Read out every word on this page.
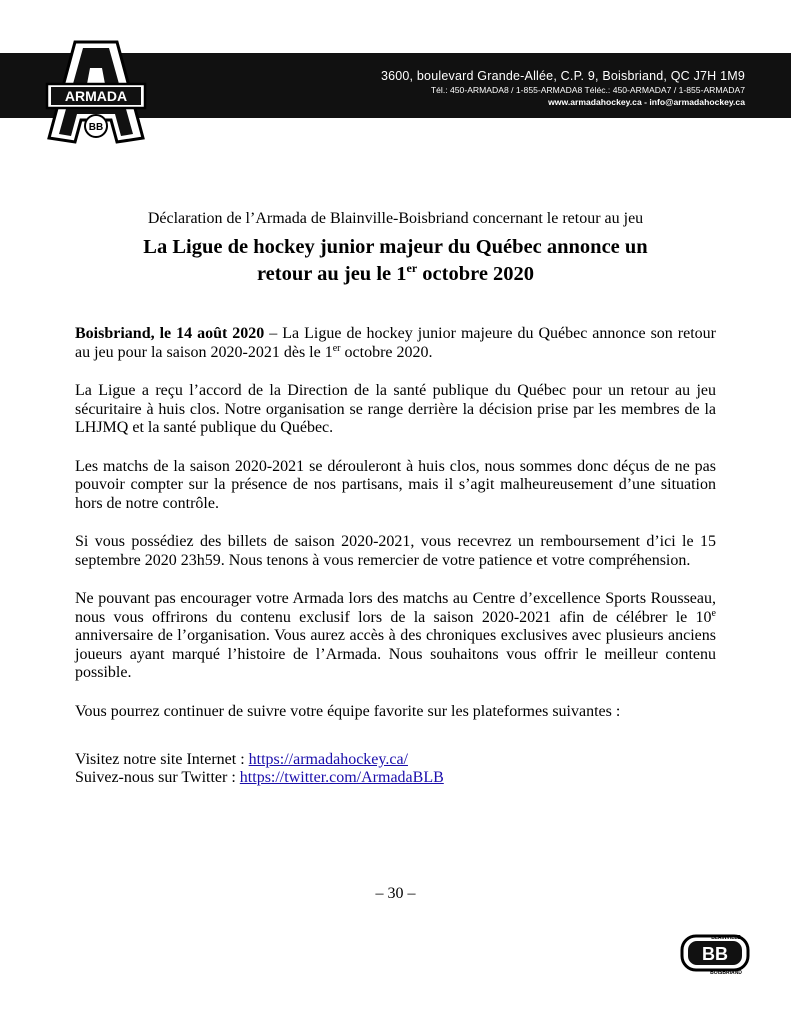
3600, boulevard Grande-Allée, C.P. 9, Boisbriand, QC J7H 1M9
Tél.: 450-ARMADA8 / 1-855-ARMADA8 Téléc.: 450-ARMADA7 / 1-855-ARMADA7
www.armadahockey.ca - info@armadahockey.ca
ARMADA
BB
Déclaration de l’Armada de Blainville-Boisbriand concernant le retour au jeu
La Ligue de hockey junior majeur du Québec annonce un
retour au jeu le 1er octobre 2020

Boisbriand, le 14 août 2020 – La Ligue de hockey junior majeure du Québec annonce son retour au jeu pour la saison 2020-2021 dès le 1er octobre 2020.

La Ligue a reçu l’accord de la Direction de la santé publique du Québec pour un retour au jeu sécuritaire à huis clos. Notre organisation se range derrière la décision prise par les membres de la LHJMQ et la santé publique du Québec.

Les matchs de la saison 2020-2021 se dérouleront à huis clos, nous sommes donc déçus de ne pas pouvoir compter sur la présence de nos partisans, mais il s’agit malheureusement d’une situation hors de notre contrôle.

Si vous possédiez des billets de saison 2020-2021, vous recevrez un remboursement d’ici le 15 septembre 2020 23h59. Nous tenons à vous remercier de votre patience et votre compréhension.

Ne pouvant pas encourager votre Armada lors des matchs au Centre d’excellence Sports Rousseau, nous vous offrirons du contenu exclusif lors de la saison 2020-2021 afin de célébrer le 10e anniversaire de l’organisation. Vous aurez accès à des chroniques exclusives avec plusieurs anciens joueurs ayant marqué l’histoire de l’Armada. Nous souhaitons vous offrir le meilleur contenu possible.

Vous pourrez continuer de suivre votre équipe favorite sur les plateformes suivantes :

Visitez notre site Internet : https://armadahockey.ca/
Suivez-nous sur Twitter : https://twitter.com/ArmadaBLB
– 30 –
BB
BLAINVILLE
BOISBRIAND
